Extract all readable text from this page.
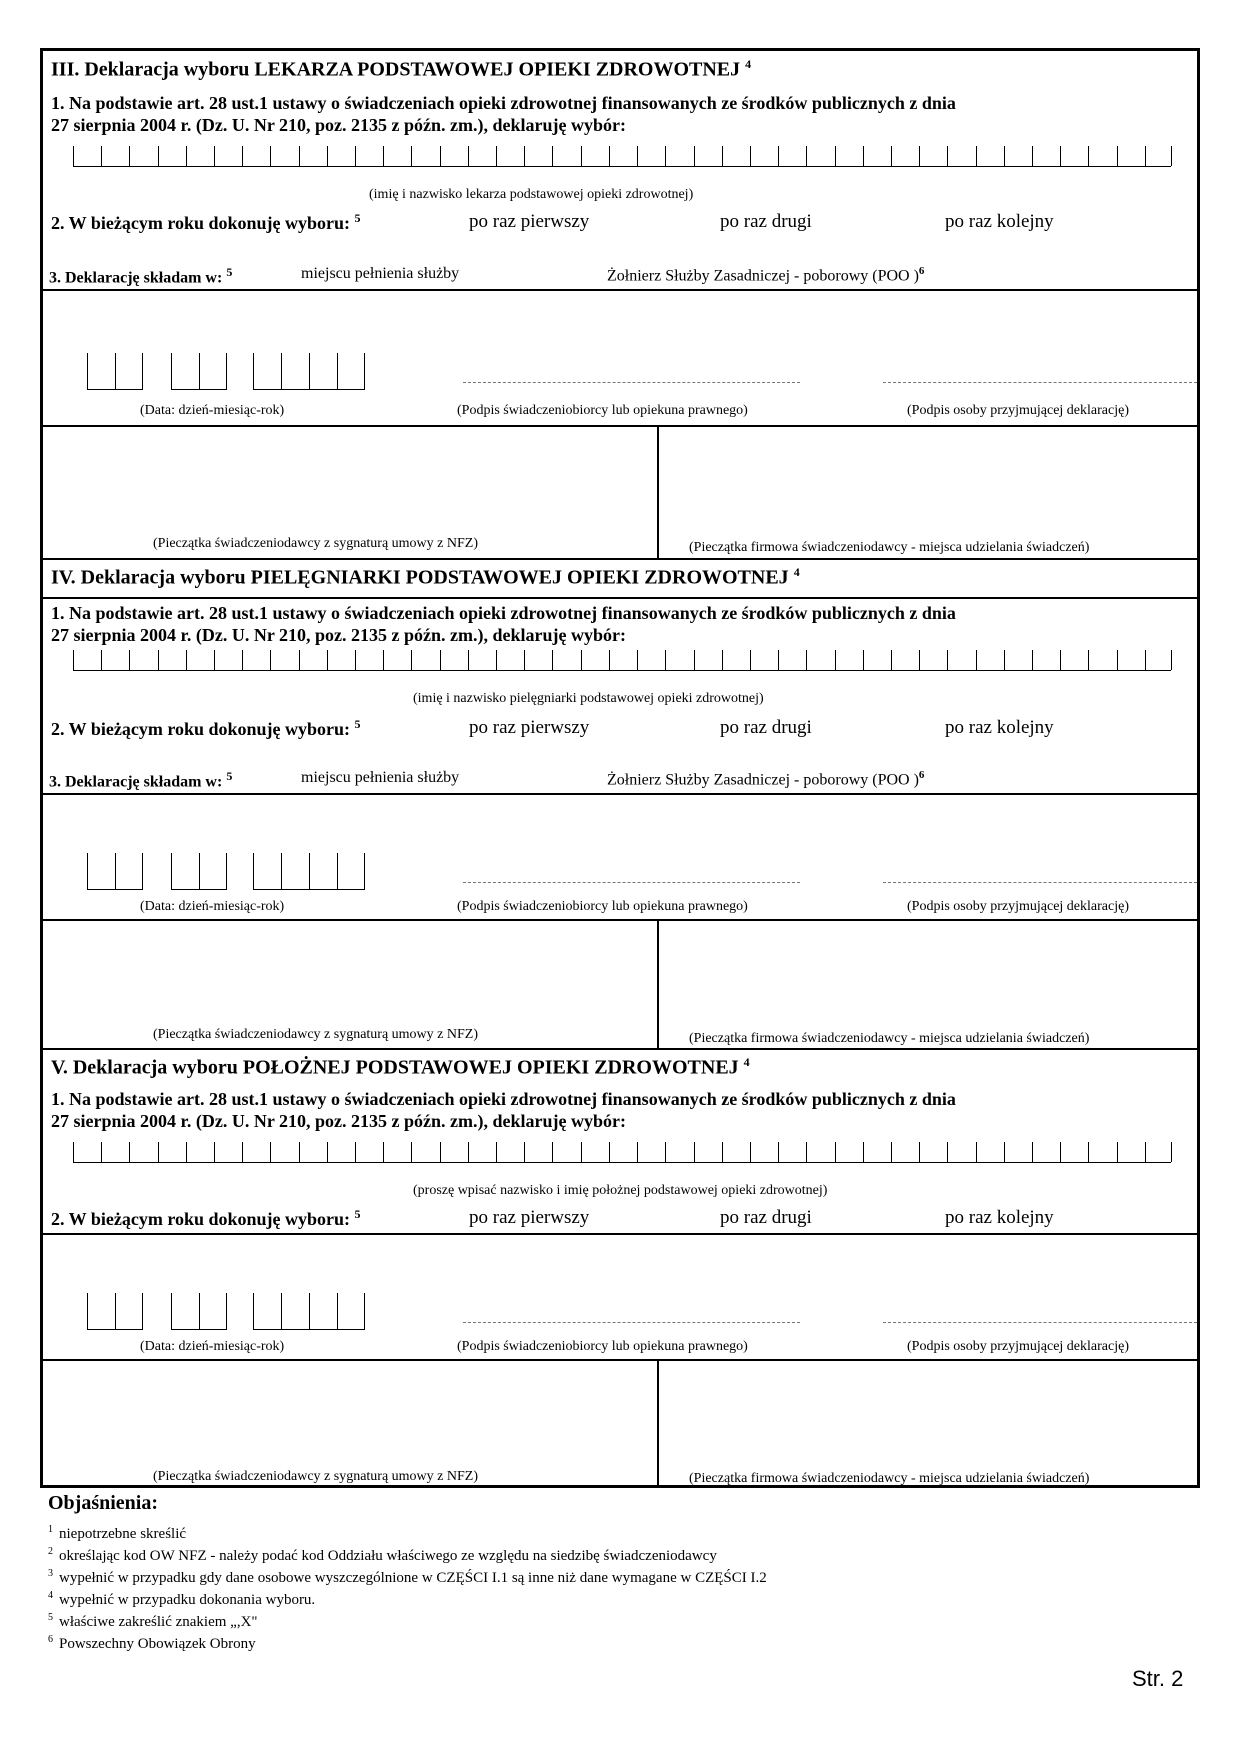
III. Deklaracja wyboru LEKARZA PODSTAWOWEJ OPIEKI ZDROWOTNEJ $^4$
1. Na podstawie art. 28 ust.1 ustawy o świadczeniach opieki zdrowotnej finansowanych ze środków publicznych z dnia
27 sierpnia 2004 r. (Dz. U. Nr 210, poz. 2135 z późn. zm.), deklaruję wybór:
(imię i nazwisko lekarza podstawowej opieki zdrowotnej)
2. W bieżącym roku dokonuję wyboru: $^5$	po raz pierwszy	po raz drugi	po raz kolejny
3. Deklarację składam w: $^5$	miejscu pełnienia służby	Żołnierz Służby Zasadniczej - poborowy (POO )$^6$
(Data: dzień-miesiąc-rok)	(Podpis świadczeniobiorcy lub opiekuna prawnego)	(Podpis osoby przyjmującej deklarację)
(Pieczątka świadczeniodawcy z sygnaturą umowy z NFZ)	(Pieczątka firmowa świadczeniodawcy - miejsca udzielania świadczeń)
IV. Deklaracja wyboru PIELĘGNIARKI PODSTAWOWEJ OPIEKI ZDROWOTNEJ $^4$
1. Na podstawie art. 28 ust.1 ustawy o świadczeniach opieki zdrowotnej finansowanych ze środków publicznych z dnia
27 sierpnia 2004 r. (Dz. U. Nr 210, poz. 2135 z późn. zm.), deklaruję wybór:
(imię i nazwisko pielęgniarki podstawowej opieki zdrowotnej)
2. W bieżącym roku dokonuję wyboru: $^5$	po raz pierwszy	po raz drugi	po raz kolejny
3. Deklarację składam w: $^5$	miejscu pełnienia służby	Żołnierz Służby Zasadniczej - poborowy (POO )$^6$
(Data: dzień-miesiąc-rok)	(Podpis świadczeniobiorcy lub opiekuna prawnego)	(Podpis osoby przyjmującej deklarację)
(Pieczątka świadczeniodawcy z sygnaturą umowy z NFZ)	(Pieczątka firmowa świadczeniodawcy - miejsca udzielania świadczeń)
V. Deklaracja wyboru POŁOŻNEJ PODSTAWOWEJ OPIEKI ZDROWOTNEJ $^4$
1. Na podstawie art. 28 ust.1 ustawy o świadczeniach opieki zdrowotnej finansowanych ze środków publicznych z dnia
27 sierpnia 2004 r. (Dz. U. Nr 210, poz. 2135 z późn. zm.), deklaruję wybór:
(proszę wpisać nazwisko i imię położnej podstawowej opieki zdrowotnej)
2. W bieżącym roku dokonuję wyboru: $^5$	po raz pierwszy	po raz drugi	po raz kolejny
(Data: dzień-miesiąc-rok)	(Podpis świadczeniobiorcy lub opiekuna prawnego)	(Podpis osoby przyjmującej deklarację)
(Pieczątka świadczeniodawcy z sygnaturą umowy z NFZ)	(Pieczątka firmowa świadczeniodawcy - miejsca udzielania świadczeń)
Objaśnienia:
$^1$ niepotrzebne skreślić
$^2$ określając kod OW NFZ - należy podać kod Oddziału właściwego ze względu na siedzibę świadczeniodawcy
$^3$ wypełnić w przypadku gdy dane osobowe wyszczególnione w CZĘŚCI I.1 są inne niż dane wymagane w CZĘŚCI I.2
$^4$ wypełnić w przypadku dokonania wyboru.
$^5$ właściwe zakreślić znakiem „,X"
$^6$ Powszechny Obowiązek Obrony
Str. 2
